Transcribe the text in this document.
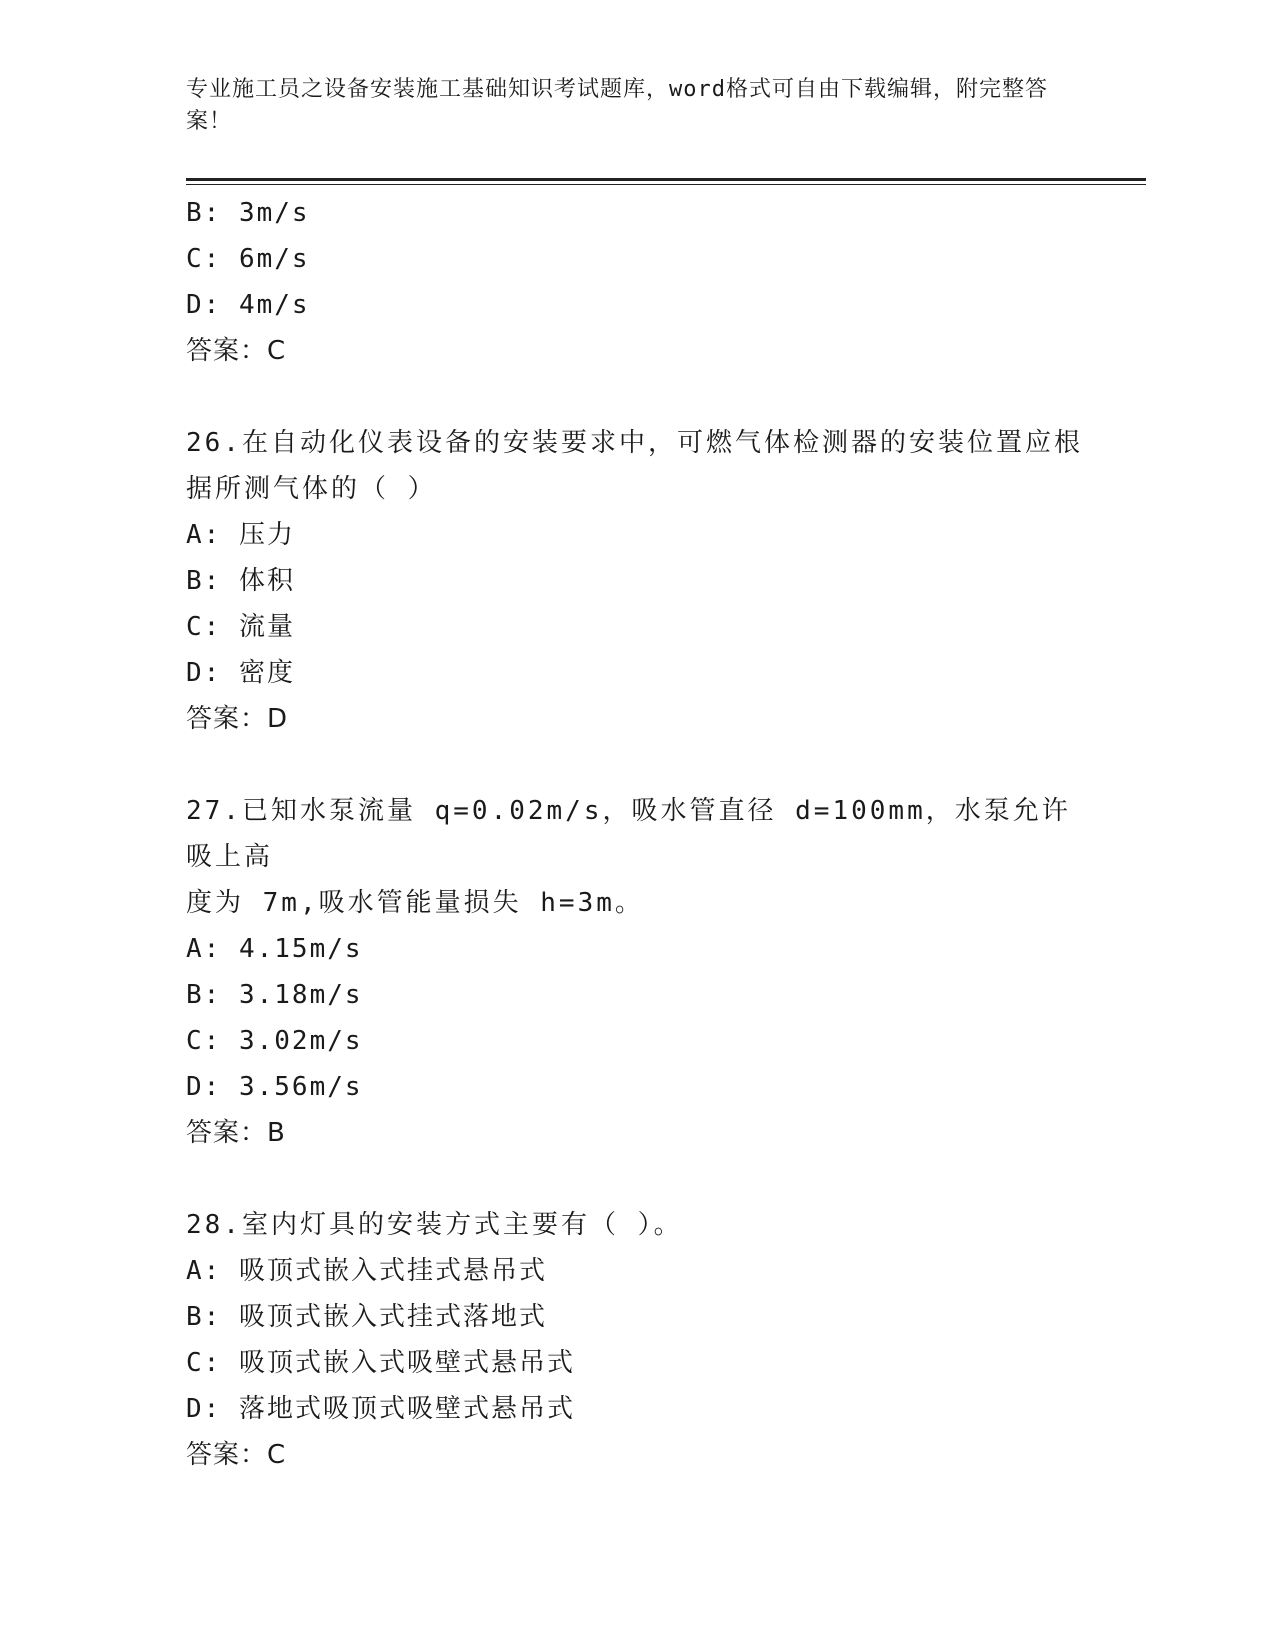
专业施工员之设备安装施工基础知识考试题库，word格式可自由下载编辑，附完整答案！
B: 3m/s
C: 6m/s
D: 4m/s
答案：C
26.在自动化仪表设备的安装要求中，可燃气体检测器的安装位置应根
据所测气体的（ ）
A: 压力
B: 体积
C: 流量
D: 密度
答案：D
27.已知水泵流量 q=0.02m/s，吸水管直径 d=100mm，水泵允许吸上高
度为 7m,吸水管能量损失 h=3m。
A: 4.15m/s
B: 3.18m/s
C: 3.02m/s
D: 3.56m/s
答案：B
28.室内灯具的安装方式主要有（ ）。
A: 吸顶式嵌入式挂式悬吊式
B: 吸顶式嵌入式挂式落地式
C: 吸顶式嵌入式吸壁式悬吊式
D: 落地式吸顶式吸壁式悬吊式
答案：C
